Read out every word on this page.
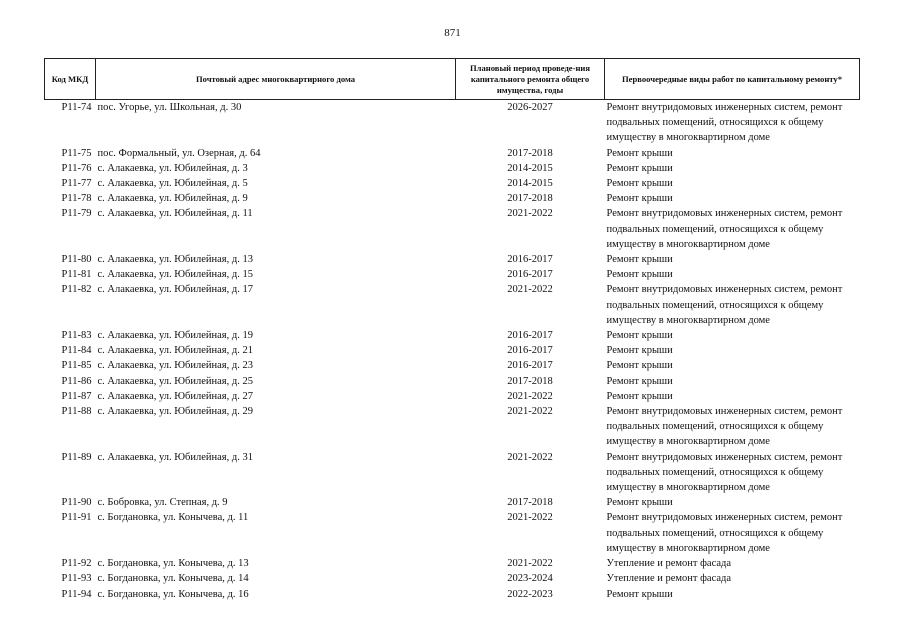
871
Код МКД	Почтовый адрес многоквартирного дома	Плановый период проведе-ния капитального ремонта общего имущества, годы	Первоочередные виды работ по капитальному ремонту*
Р11-74	пос. Угорье, ул. Школьная, д. 30	2026-2027	Ремонт внутридомовых инженерных систем, ремонт подвальных помещений, относящихся к общему имуществу в многоквартирном доме
Р11-75	пос. Формальный, ул. Озерная, д. 64	2017-2018	Ремонт крыши
Р11-76	с. Алакаевка, ул. Юбилейная, д. 3	2014-2015	Ремонт крыши
Р11-77	с. Алакаевка, ул. Юбилейная, д. 5	2014-2015	Ремонт крыши
Р11-78	с. Алакаевка, ул. Юбилейная, д. 9	2017-2018	Ремонт крыши
Р11-79	с. Алакаевка, ул. Юбилейная, д. 11	2021-2022	Ремонт внутридомовых инженерных систем, ремонт подвальных помещений, относящихся к общему имуществу в многоквартирном доме
Р11-80	с. Алакаевка, ул. Юбилейная, д. 13	2016-2017	Ремонт крыши
Р11-81	с. Алакаевка, ул. Юбилейная, д. 15	2016-2017	Ремонт крыши
Р11-82	с. Алакаевка, ул. Юбилейная, д. 17	2021-2022	Ремонт внутридомовых инженерных систем, ремонт подвальных помещений, относящихся к общему имуществу в многоквартирном доме
Р11-83	с. Алакаевка, ул. Юбилейная, д. 19	2016-2017	Ремонт крыши
Р11-84	с. Алакаевка, ул. Юбилейная, д. 21	2016-2017	Ремонт крыши
Р11-85	с. Алакаевка, ул. Юбилейная, д. 23	2016-2017	Ремонт крыши
Р11-86	с. Алакаевка, ул. Юбилейная, д. 25	2017-2018	Ремонт крыши
Р11-87	с. Алакаевка, ул. Юбилейная, д. 27	2021-2022	Ремонт крыши
Р11-88	с. Алакаевка, ул. Юбилейная, д. 29	2021-2022	Ремонт внутридомовых инженерных систем, ремонт подвальных помещений, относящихся к общему имуществу в многоквартирном доме
Р11-89	с. Алакаевка, ул. Юбилейная, д. 31	2021-2022	Ремонт внутридомовых инженерных систем, ремонт подвальных помещений, относящихся к общему имуществу в многоквартирном доме
Р11-90	с. Бобровка, ул. Степная, д. 9	2017-2018	Ремонт крыши
Р11-91	с. Богдановка, ул. Конычева, д. 11	2021-2022	Ремонт внутридомовых инженерных систем, ремонт подвальных помещений, относящихся к общему имуществу в многоквартирном доме
Р11-92	с. Богдановка, ул. Конычева, д. 13	2021-2022	Утепление и ремонт фасада
Р11-93	с. Богдановка, ул. Конычева, д. 14	2023-2024	Утепление и ремонт фасада
Р11-94	с. Богдановка, ул. Конычева, д. 16	2022-2023	Ремонт крыши
